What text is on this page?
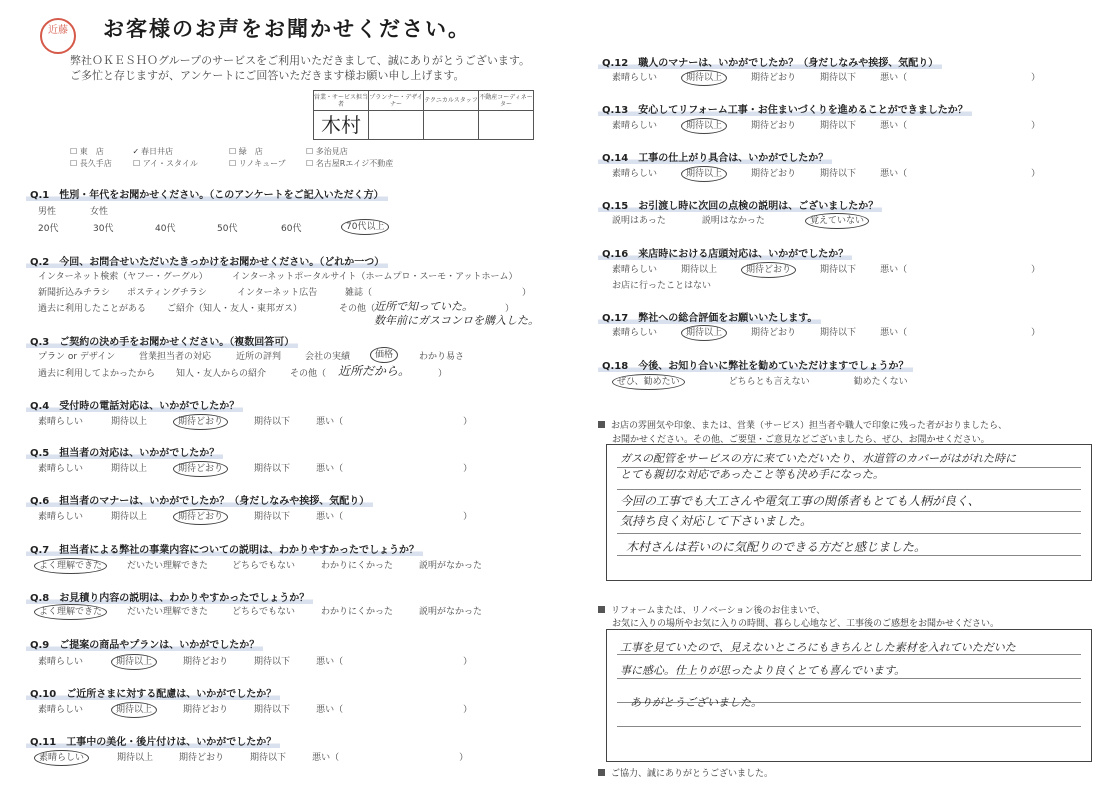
近藤	お客様のお声をお聞かせください。
弊社ＯＫＥＳＨＯグループのサービスをご利用いただきまして、誠にありがとうございます。
ご多忙と存じますが、アンケートにご回答いただきます様お願い申し上げます。
営業・サービス担当者	プランナー・デザイナー	テクニカルスタッフ	不動産コーディネーター
木村			
☐ 東　店	✓ 春日井店	☐ 緑　店	☐ 多治見店
☐ 長久手店	☐ アイ・スタイル	☐ リノキューブ	☐ 名古屋Rエイジ不動産
Q.1　性別・年代をお聞かせください。（このアンケートをご記入いただく方）
男性	女性
20代	30代	40代	50代	60代	70代以上
Q.2　今回、お問合せいただいたきっかけをお聞かせください。（どれか一つ）
インターネット検索（ヤフー・グーグル）	インターネットポータルサイト（ホームプロ・スーモ・アットホーム）
新聞折込みチラシ ポスティングチラシ	インターネット広告	雑誌（	）
過去に利用したことがある ご紹介（知人・友人・東邦ガス）	その他（	）
近所で知っていた。
数年前にガスコンロを購入した。
Q.3　ご契約の決め手をお聞かせください。（複数回答可）
プラン or デザイン	営業担当者の対応	近所の評判	会社の実績	価格	わかり易さ
過去に利用してよかったから 知人・友人からの紹介	その他（	）
近所だから。
Q.4　受付時の電話対応は、いかがでしたか？
素晴らしい	期待以上	期待どおり	期待以下	悪い（	）
Q.5　担当者の対応は、いかがでしたか？
素晴らしい	期待以上	期待どおり	期待以下	悪い（	）
Q.6　担当者のマナーは、いかがでしたか？（身だしなみや挨拶、気配り）
素晴らしい	期待以上	期待どおり	期待以下	悪い（	）
Q.7　担当者による弊社の事業内容についての説明は、わかりやすかったでしょうか？
よく理解できた	だいたい理解できた	どちらでもない	わかりにくかった	説明がなかった
Q.8　お見積り内容の説明は、わかりやすかったでしょうか？
よく理解できた	だいたい理解できた	どちらでもない	わかりにくかった	説明がなかった
Q.9　ご提案の商品やプランは、いかがでしたか？
素晴らしい	期待以上	期待どおり	期待以下	悪い（	）
Q.10　ご近所さまに対する配慮は、いかがでしたか？
素晴らしい	期待以上	期待どおり	期待以下	悪い（	）
Q.11　工事中の美化・後片付けは、いかがでしたか？
素晴らしい	期待以上	期待どおり	期待以下	悪い（	）
Q.12　職人のマナーは、いかがでしたか？（身だしなみや挨拶、気配り）
素晴らしい	期待以上	期待どおり	期待以下	悪い（	）
Q.13　安心してリフォーム工事・お住まいづくりを進めることができましたか？
素晴らしい	期待以上	期待どおり	期待以下	悪い（	）
Q.14　工事の仕上がり具合は、いかがでしたか？
素晴らしい	期待以上	期待どおり	期待以下	悪い（	）
Q.15　お引渡し時に次回の点検の説明は、ございましたか？
説明はあった	説明はなかった	覚えていない
Q.16　来店時における店頭対応は、いかがでしたか？
素晴らしい	期待以上	期待どおり	期待以下	悪い（	）
お店に行ったことはない
Q.17　弊社への総合評価をお願いいたします。
素晴らしい	期待以上	期待どおり	期待以下	悪い（	）
Q.18　今後、お知り合いに弊社を勧めていただけますでしょうか？
ぜひ、勧めたい	どちらとも言えない	勧めたくない
お店の雰囲気や印象、または、営業（サービス）担当者や職人で印象に残った者がおりましたら、
お聞かせください。その他、ご要望・ご意見などございましたら、ぜひ、お聞かせください。
ガスの配管をサービスの方に来ていただいたり、水道管のカバーがはがれた時に
とても親切な対応であったこと等も決め手になった。
今回の工事でも大工さんや電気工事の関係者もとても人柄が良く、
気持ち良く対応して下さいました。
木村さんは若いのに気配りのできる方だと感じました。
リフォームまたは、リノベーション後のお住まいで、
お気に入りの場所やお気に入りの時間、暮らし心地など、工事後のご感想をお聞かせください。
工事を見ていたので、見えないところにもきちんとした素材を入れていただいた
事に感心。仕上りが思ったより良くとても喜んでいます。
ありがとうございました。
ご協力、誠にありがとうございました。
